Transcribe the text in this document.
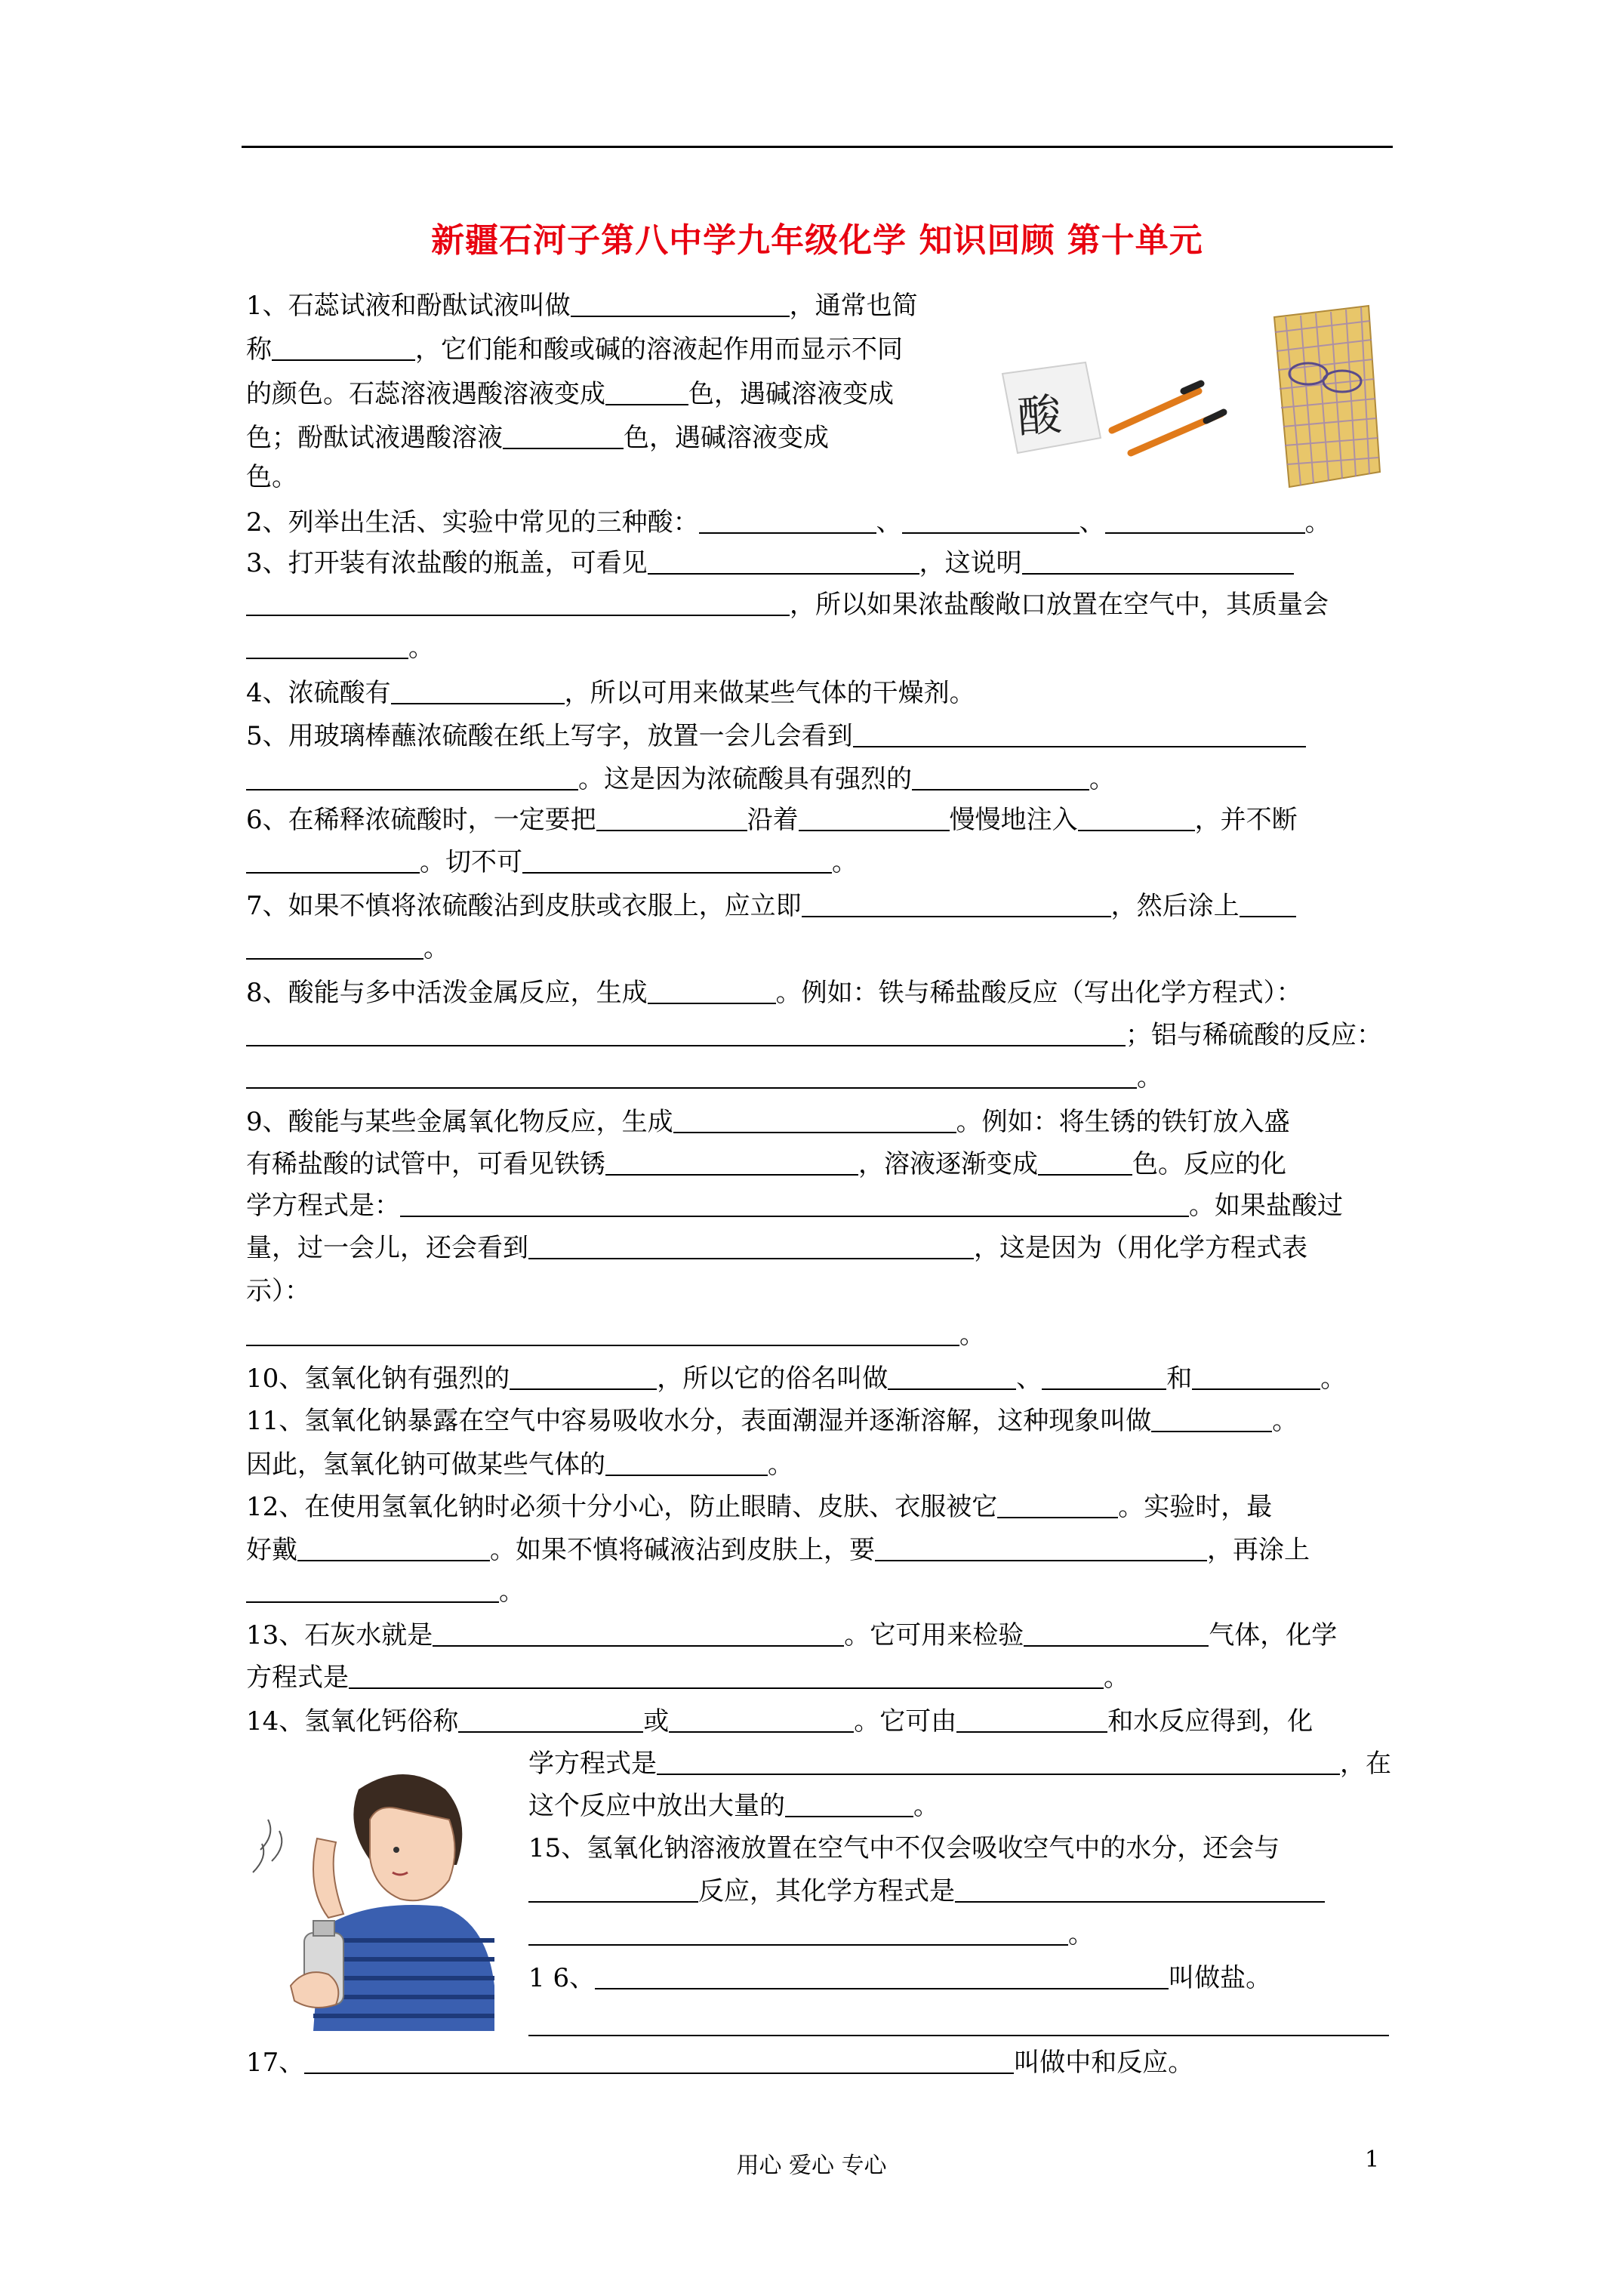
新疆石河子第八中学九年级化学 知识回顾 第十单元
1、石蕊试液和酚酞试液叫做	，通常也简
称	，它们能和酸或碱的溶液起作用而显示不同
的颜色。石蕊溶液遇酸溶液变成	色，遇碱溶液变成
色；酚酞试液遇酸溶液	色，遇碱溶液变成
色。
酸
2、列举出生活、实验中常见的三种酸：	、	、	。
3、打开装有浓盐酸的瓶盖，可看见	，这说明
，所以如果浓盐酸敞口放置在空气中，其质量会
。
4、浓硫酸有	，所以可用来做某些气体的干燥剂。
5、用玻璃棒蘸浓硫酸在纸上写字，放置一会儿会看到
。这是因为浓硫酸具有强烈的	。
6、在稀释浓硫酸时，一定要把	沿着	慢慢地注入	，并不断
。切不可	。
7、如果不慎将浓硫酸沾到皮肤或衣服上，应立即	，然后涂上
。
8、酸能与多中活泼金属反应，生成	。例如：铁与稀盐酸反应（写出化学方程式）：
；铝与稀硫酸的反应：
。
9、酸能与某些金属氧化物反应，生成	。例如：将生锈的铁钉放入盛
有稀盐酸的试管中，可看见铁锈	，溶液逐渐变成	色。反应的化
学方程式是：	。如果盐酸过
量，过一会儿，还会看到	，这是因为（用化学方程式表
示）：
。
10、氢氧化钠有强烈的	，所以它的俗名叫做	、	和	。
11、氢氧化钠暴露在空气中容易吸收水分，表面潮湿并逐渐溶解，这种现象叫做	。
因此，氢氧化钠可做某些气体的	。
12、在使用氢氧化钠时必须十分小心，防止眼睛、皮肤、衣服被它	。实验时，最
好戴	。如果不慎将碱液沾到皮肤上，要	，再涂上
。
13、石灰水就是	。它可用来检验	气体，化学
方程式是	。
14、氢氧化钙俗称	或	。它可由	和水反应得到，化
学方程式是	，在
这个反应中放出大量的	。
15、氢氧化钠溶液放置在空气中不仅会吸收空气中的水分，还会与
反应，其化学方程式是
。
1 6、	叫做盐。
17、	叫做中和反应。
用心 爱心 专心	1
